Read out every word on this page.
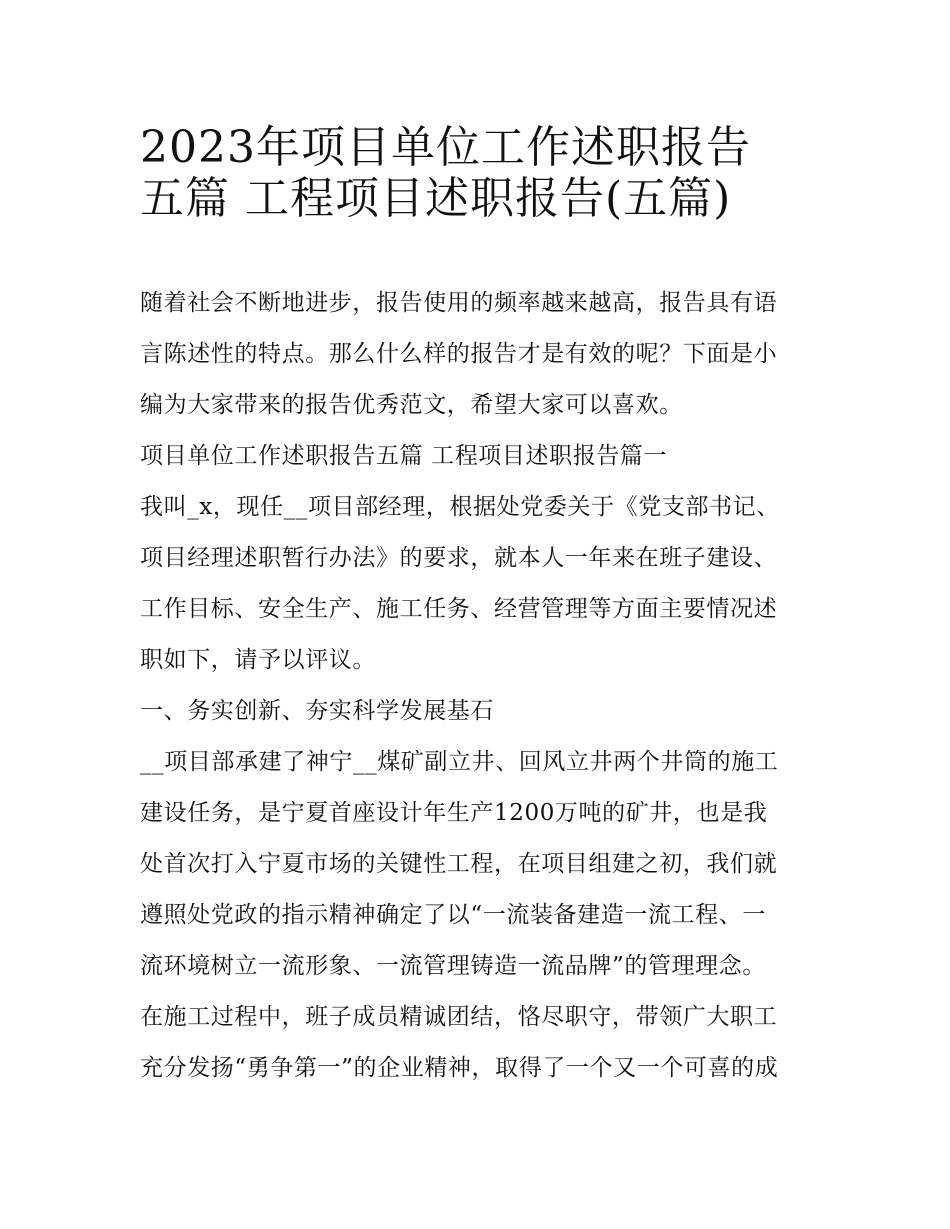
2023年项目单位工作述职报告
五篇 工程项目述职报告(五篇)
随着社会不断地进步，报告使用的频率越来越高，报告具有语
言陈述性的特点。那么什么样的报告才是有效的呢？下面是小
编为大家带来的报告优秀范文，希望大家可以喜欢。
项目单位工作述职报告五篇 工程项目述职报告篇一
我叫_x，现任__项目部经理，根据处党委关于《党支部书记、
项目经理述职暂行办法》的要求，就本人一年来在班子建设、
工作目标、安全生产、施工任务、经营管理等方面主要情况述
职如下，请予以评议。
一、务实创新、夯实科学发展基石
__项目部承建了神宁__煤矿副立井、回风立井两个井筒的施工
建设任务，是宁夏首座设计年生产1200万吨的矿井，也是我
处首次打入宁夏市场的关键性工程，在项目组建之初，我们就
遵照处党政的指示精神确定了以“一流装备建造一流工程、一
流环境树立一流形象、一流管理铸造一流品牌”的管理理念。
在施工过程中，班子成员精诚团结，恪尽职守，带领广大职工
充分发扬“勇争第一”的企业精神，取得了一个又一个可喜的成
